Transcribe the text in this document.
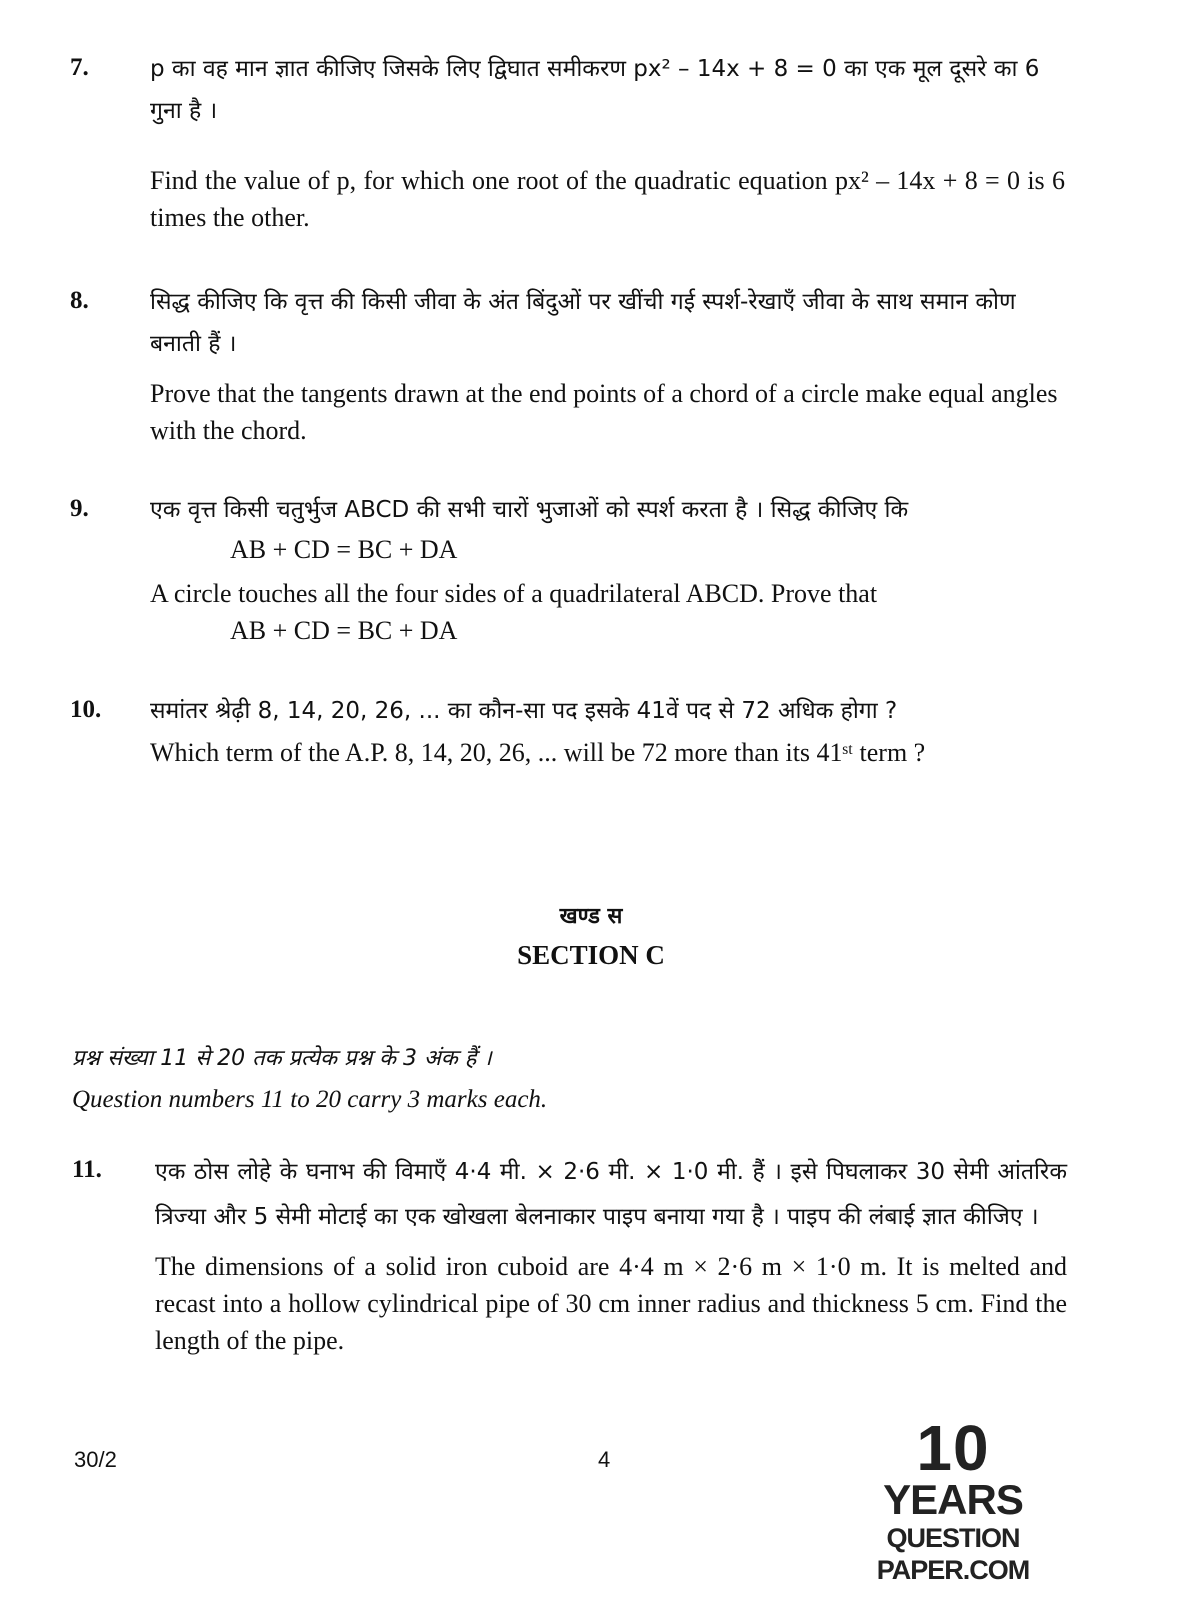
7.	p का वह मान ज्ञात कीजिए जिसके लिए द्विघात समीकरण px² – 14x + 8 = 0 का एक मूल दूसरे का 6 गुना है ।
Find the value of p, for which one root of the quadratic equation px² – 14x + 8 = 0 is 6 times the other.
8.	सिद्ध कीजिए कि वृत्त की किसी जीवा के अंत बिंदुओं पर खींची गई स्पर्श-रेखाएँ जीवा के साथ समान कोण बनाती हैं ।
Prove that the tangents drawn at the end points of a chord of a circle make equal angles with the chord.
9.	एक वृत्त किसी चतुर्भुज ABCD की सभी चारों भुजाओं को स्पर्श करता है । सिद्ध कीजिए कि
AB + CD = BC + DA
A circle touches all the four sides of a quadrilateral ABCD. Prove that
AB + CD = BC + DA
10. समांतर श्रेढ़ी 8, 14, 20, 26, ... का कौन-सा पद इसके 41वें पद से 72 अधिक होगा ?
Which term of the A.P. 8, 14, 20, 26, ... will be 72 more than its 41ˢᵗ term ?
खण्ड स
SECTION C
प्रश्न संख्या 11 से 20 तक प्रत्येक प्रश्न के 3 अंक हैं ।
Question numbers 11 to 20 carry 3 marks each.
11. एक ठोस लोहे के घनाभ की विमाएँ 4·4 मी. × 2·6 मी. × 1·0 मी. हैं । इसे पिघलाकर 30 सेमी आंतरिक त्रिज्या और 5 सेमी मोटाई का एक खोखला बेलनाकार पाइप बनाया गया है । पाइप की लंबाई ज्ञात कीजिए ।
The dimensions of a solid iron cuboid are 4·4 m × 2·6 m × 1·0 m. It is melted and recast into a hollow cylindrical pipe of 30 cm inner radius and thickness 5 cm. Find the length of the pipe.
30/2	4	10
YEARS
QUESTION PAPER.COM
